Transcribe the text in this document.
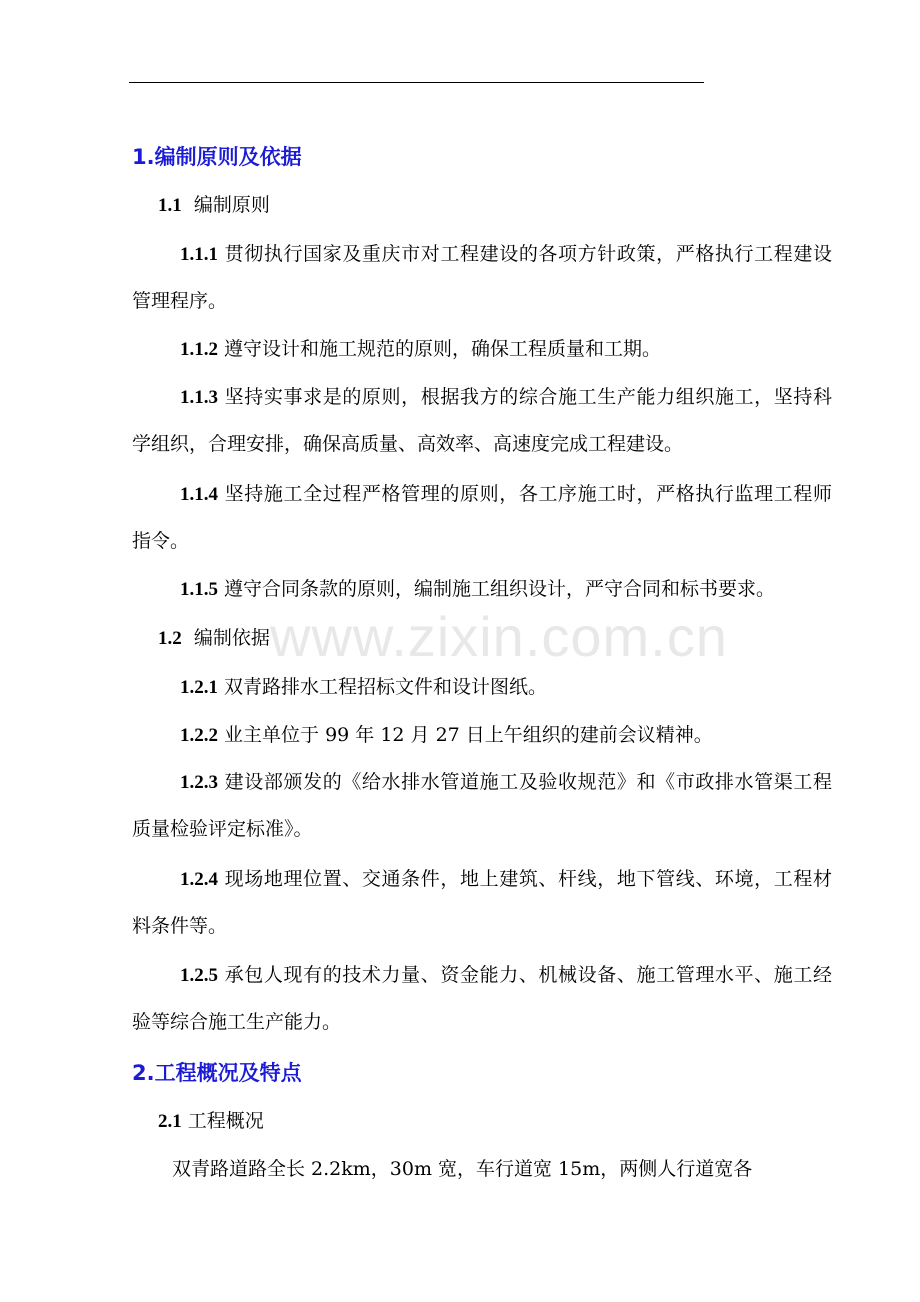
www.zixin.com.cn
1.编制原则及依据
1.1 编制原则

1.1.1 贯彻执行国家及重庆市对工程建设的各项方针政策，严格执行工程建设管理程序。

1.1.2 遵守设计和施工规范的原则，确保工程质量和工期。

1.1.3 坚持实事求是的原则，根据我方的综合施工生产能力组织施工，坚持科学组织，合理安排，确保高质量、高效率、高速度完成工程建设。

1.1.4 坚持施工全过程严格管理的原则，各工序施工时，严格执行监理工程师指令。

1.1.5 遵守合同条款的原则，编制施工组织设计，严守合同和标书要求。

1.2 编制依据

1.2.1 双青路排水工程招标文件和设计图纸。

1.2.2 业主单位于 99 年 12 月 27 日上午组织的建前会议精神。

1.2.3 建设部颁发的《给水排水管道施工及验收规范》和《市政排水管渠工程质量检验评定标准》。

1.2.4 现场地理位置、交通条件，地上建筑、杆线，地下管线、环境，工程材料条件等。

1.2.5 承包人现有的技术力量、资金能力、机械设备、施工管理水平、施工经验等综合施工生产能力。

2.工程概况及特点
2.1 工程概况

双青路道路全长 2.2km，30m 宽，车行道宽 15m，两侧人行道宽各
